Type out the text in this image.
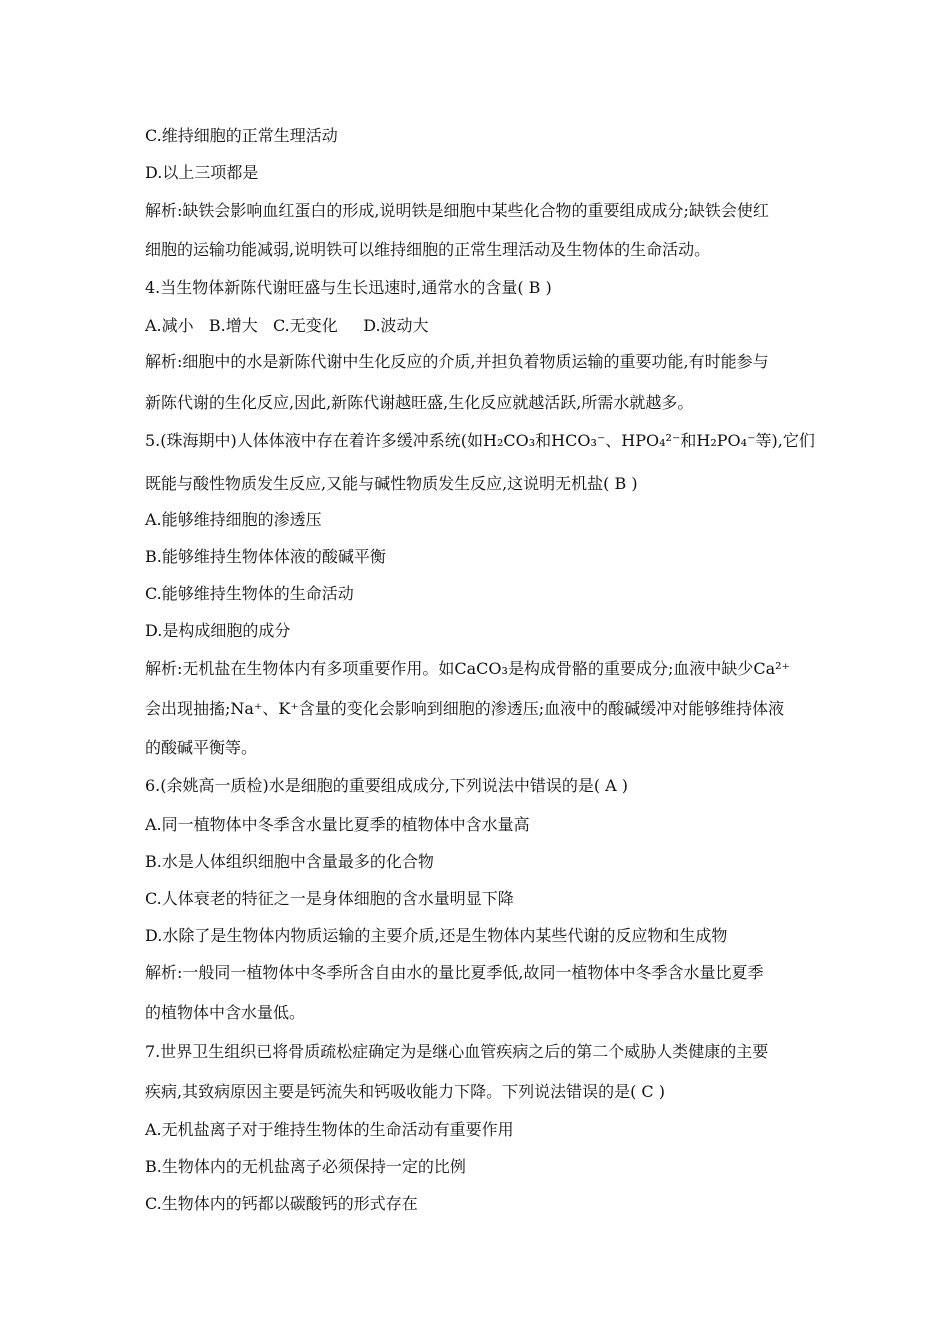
C.维持细胞的正常生理活动
D.以上三项都是
解析:缺铁会影响血红蛋白的形成,说明铁是细胞中某些化合物的重要组成成分;缺铁会使红
细胞的运输功能减弱,说明铁可以维持细胞的正常生理活动及生物体的生命活动。
4.当生物体新陈代谢旺盛与生长迅速时,通常水的含量( B )
A.减小   B.增大   C.无变化     D.波动大
解析:细胞中的水是新陈代谢中生化反应的介质,并担负着物质运输的重要功能,有时能参与
新陈代谢的生化反应,因此,新陈代谢越旺盛,生化反应就越活跃,所需水就越多。
5.(珠海期中)人体体液中存在着许多缓冲系统(如H₂CO₃和HCO₃⁻、HPO₄²⁻和H₂PO₄⁻等),它们
既能与酸性物质发生反应,又能与碱性物质发生反应,这说明无机盐( B )
A.能够维持细胞的渗透压
B.能够维持生物体体液的酸碱平衡
C.能够维持生物体的生命活动
D.是构成细胞的成分
解析:无机盐在生物体内有多项重要作用。如CaCO₃是构成骨骼的重要成分;血液中缺少Ca²⁺
会出现抽搐;Na⁺、K⁺含量的变化会影响到细胞的渗透压;血液中的酸碱缓冲对能够维持体液
的酸碱平衡等。
6.(余姚高一质检)水是细胞的重要组成成分,下列说法中错误的是( A )
A.同一植物体中冬季含水量比夏季的植物体中含水量高
B.水是人体组织细胞中含量最多的化合物
C.人体衰老的特征之一是身体细胞的含水量明显下降
D.水除了是生物体内物质运输的主要介质,还是生物体内某些代谢的反应物和生成物
解析:一般同一植物体中冬季所含自由水的量比夏季低,故同一植物体中冬季含水量比夏季
的植物体中含水量低。
7.世界卫生组织已将骨质疏松症确定为是继心血管疾病之后的第二个威胁人类健康的主要
疾病,其致病原因主要是钙流失和钙吸收能力下降。下列说法错误的是( C )
A.无机盐离子对于维持生物体的生命活动有重要作用
B.生物体内的无机盐离子必须保持一定的比例
C.生物体内的钙都以碳酸钙的形式存在
